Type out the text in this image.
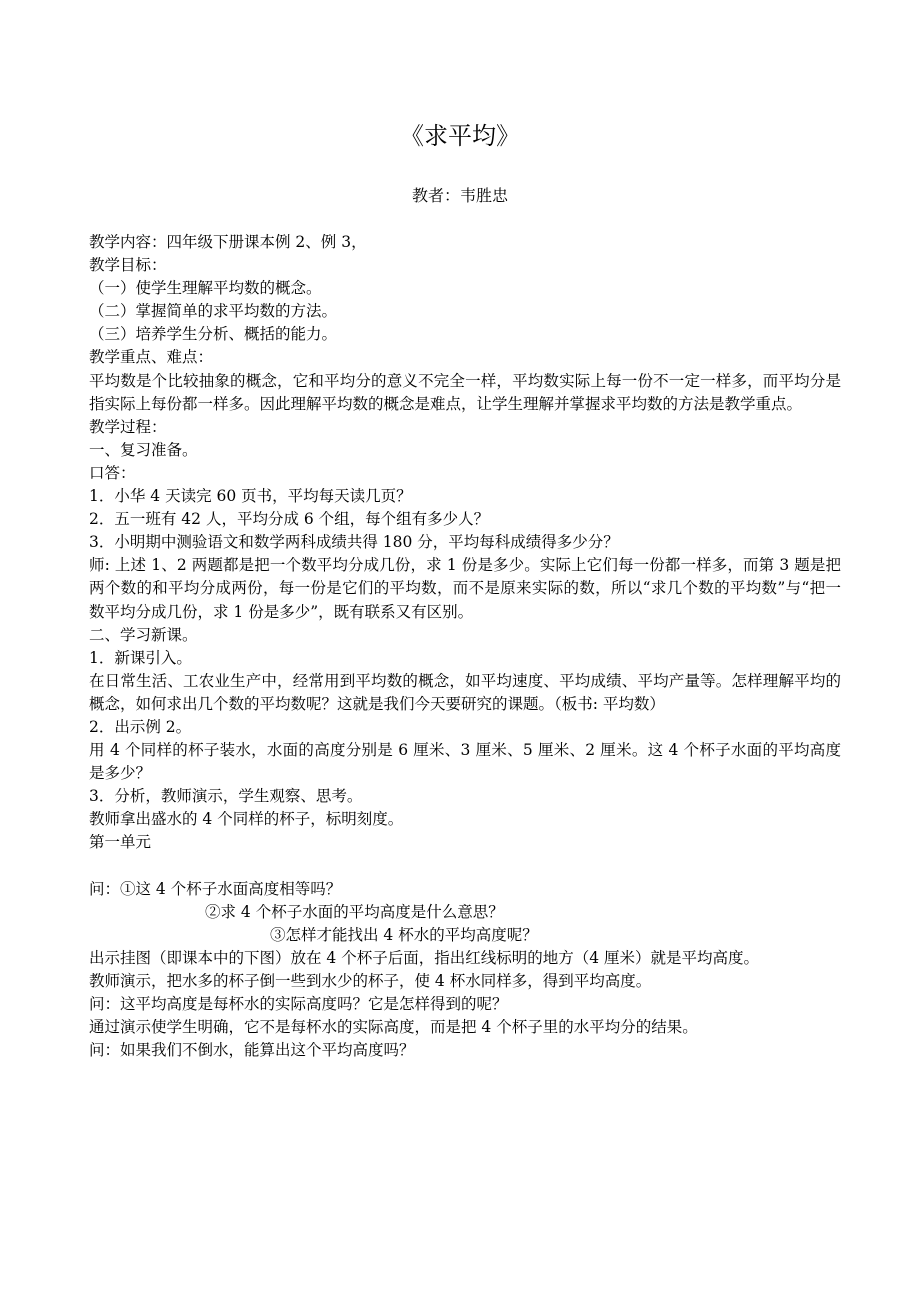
《求平均》
教者：韦胜忠
教学内容：四年级下册课本例 2、例 3，
教学目标：
（一）使学生理解平均数的概念。
（二）掌握简单的求平均数的方法。
（三）培养学生分析、概括的能力。
教学重点、难点：
平均数是个比较抽象的概念，它和平均分的意义不完全一样，平均数实际上每一份不一定一样多，而平均分是指实际上每份都一样多。因此理解平均数的概念是难点，让学生理解并掌握求平均数的方法是教学重点。
教学过程：
一、复习准备。
口答：
1．小华 4 天读完 60 页书，平均每天读几页？
2．五一班有 42 人，平均分成 6 个组，每个组有多少人？
3．小明期中测验语文和数学两科成绩共得 180 分，平均每科成绩得多少分？
师: 上述 1、2 两题都是把一个数平均分成几份，求 1 份是多少。实际上它们每一份都一样多，而第 3 题是把两个数的和平均分成两份，每一份是它们的平均数，而不是原来实际的数，所以“求几个数的平均数”与“把一数平均分成几份，求 1 份是多少”，既有联系又有区别。
二、学习新课。
1．新课引入。
在日常生活、工农业生产中，经常用到平均数的概念，如平均速度、平均成绩、平均产量等。怎样理解平均的概念，如何求出几个数的平均数呢？这就是我们今天要研究的课题。（板书: 平均数）
2．出示例 2。
用 4 个同样的杯子装水，水面的高度分别是 6 厘米、3 厘米、5 厘米、2 厘米。这 4 个杯子水面的平均高度是多少？
3．分析，教师演示，学生观察、思考。
教师拿出盛水的 4 个同样的杯子，标明刻度。
第一单元
问：①这 4 个杯子水面高度相等吗？
②求 4 个杯子水面的平均高度是什么意思？
③怎样才能找出 4 杯水的平均高度呢？
出示挂图（即课本中的下图）放在 4 个杯子后面，指出红线标明的地方（4 厘米）就是平均高度。
教师演示，把水多的杯子倒一些到水少的杯子，使 4 杯水同样多，得到平均高度。
问：这平均高度是每杯水的实际高度吗？它是怎样得到的呢？
通过演示使学生明确，它不是每杯水的实际高度，而是把 4 个杯子里的水平均分的结果。
问：如果我们不倒水，能算出这个平均高度吗？
